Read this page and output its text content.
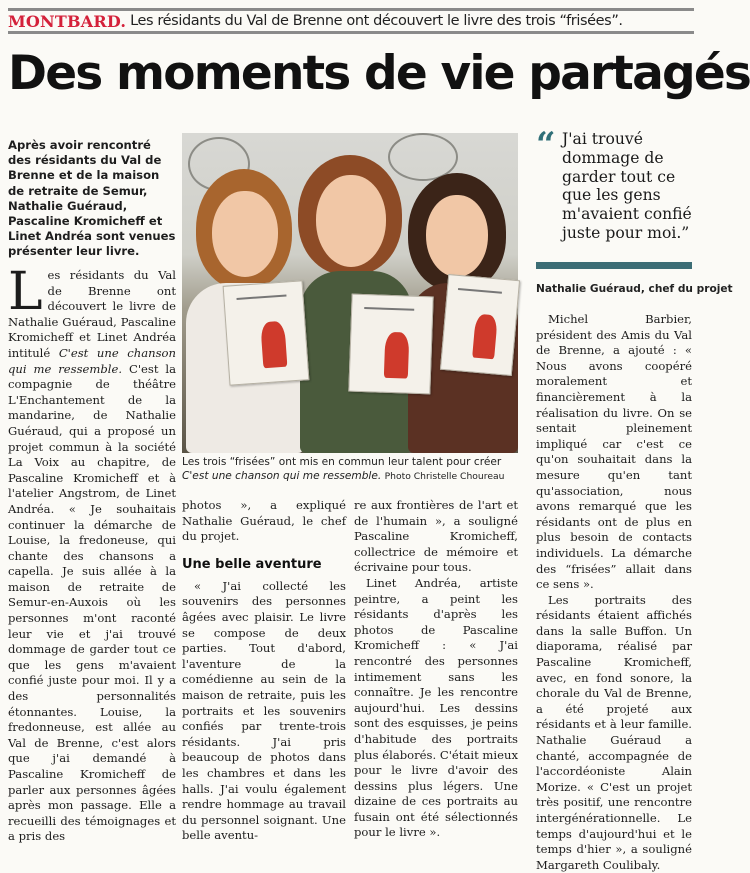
MONTBARD. Les résidants du Val de Brenne ont découvert le livre des trois “frisées”.
Des moments de vie partagés

Après avoir rencontré des résidants du Val de Brenne et de la maison de retraite de Semur, Nathalie Guéraud, Pascaline Kromicheff et Linet Andréa sont venues présenter leur livre.

Les trois “frisées” ont mis en commun leur talent pour créer
C'est une chanson qui me ressemble. Photo Christelle Choureau
“ J'ai trouvé dommage de garder tout ce que les gens m'avaient confié juste pour moi.”

Nathalie Guéraud, chef du projet
Les résidants du Val de Brenne ont découvert le livre de Nathalie Guéraud, Pascaline Kromicheff et Linet Andréa intitulé C'est une chanson qui me ressemble. C'est la compagnie de théâtre L'Enchantement de la mandarine, de Nathalie Guéraud, qui a proposé un projet commun à la société La Voix au chapitre, de Pascaline Kromicheff et à l'atelier Angstrom, de Linet Andréa. « Je souhaitais continuer la démarche de Louise, la fredoneuse, qui chante des chansons a capella. Je suis allée à la maison de retraite de Semur-en-Auxois où les personnes m'ont raconté leur vie et j'ai trouvé dommage de garder tout ce que les gens m'avaient confié juste pour moi. Il y a des personnalités étonnantes. Louise, la fredonneuse, est allée au Val de Brenne, c'est alors que j'ai demandé à Pascaline Kromicheff de parler aux personnes âgées après mon passage. Elle a recueilli des témoignages et a pris des
photos », a expliqué Nathalie Guéraud, le chef du projet.
Une belle aventure
« J'ai collecté les souvenirs des personnes âgées avec plaisir. Le livre se compose de deux parties. Tout d'abord, l'aventure de la comédienne au sein de la maison de retraite, puis les portraits et les souvenirs confiés par trente-trois résidants. J'ai pris beaucoup de photos dans les chambres et dans les halls. J'ai voulu également rendre hommage au travail du personnel soignant. Une belle aventu-
re aux frontières de l'art et de l'humain », a souligné Pascaline Kromicheff, collectrice de mémoire et écrivaine pour tous.
Linet Andréa, artiste peintre, a peint les résidants d'après les photos de Pascaline Kromicheff : « J'ai rencontré des personnes intimement sans les connaître. Je les rencontre aujourd'hui. Les dessins sont des esquisses, je peins d'habitude des portraits plus élaborés. C'était mieux pour le livre d'avoir des dessins plus légers. Une dizaine de ces portraits au fusain ont été sélectionnés pour le livre ».
Michel Barbier, président des Amis du Val de Brenne, a ajouté : « Nous avons coopéré moralement et financièrement à la réalisation du livre. On se sentait pleinement impliqué car c'est ce qu'on souhaitait dans la mesure qu'en tant qu'association, nous avons remarqué que les résidants ont de plus en plus besoin de contacts individuels. La démarche des “frisées” allait dans ce sens ».
Les portraits des résidants étaient affichés dans la salle Buffon. Un diaporama, réalisé par Pascaline Kromicheff, avec, en fond sonore, la chorale du Val de Brenne, a été projeté aux résidants et à leur famille. Nathalie Guéraud a chanté, accompagnée de l'accordéoniste Alain Morize. « C'est un projet très positif, une rencontre intergénérationnelle. Le temps d'aujourd'hui et le temps d'hier », a souligné Margareth Coulibaly.
